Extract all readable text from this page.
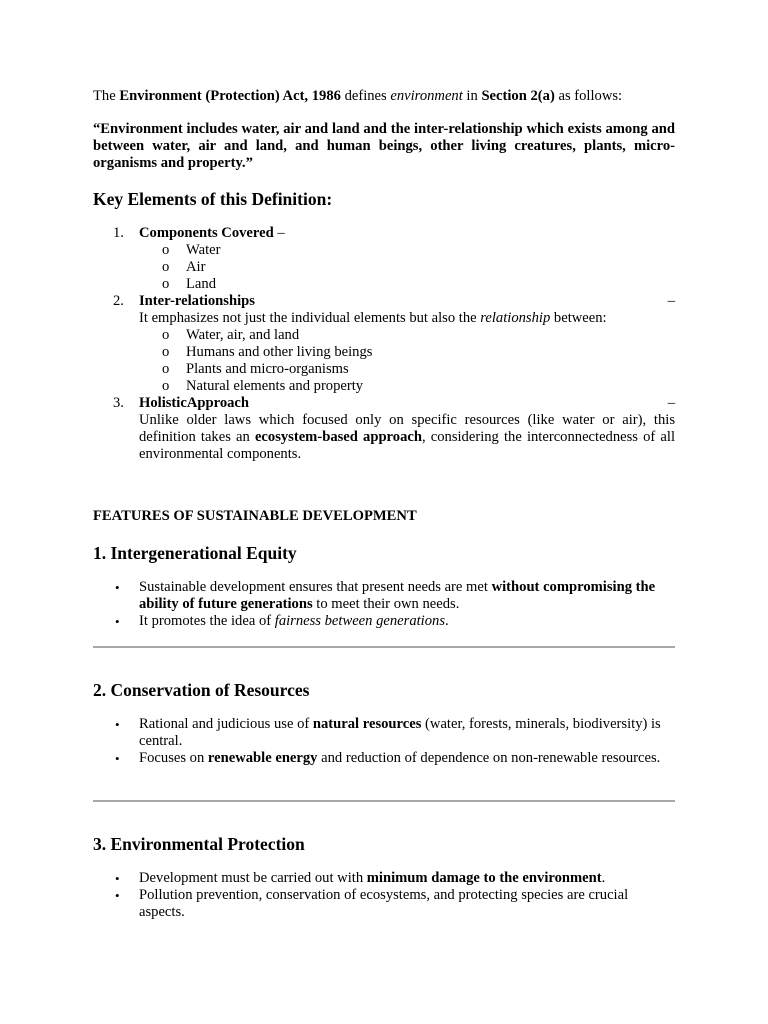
The Environment (Protection) Act, 1986 defines environment in Section 2(a) as follows:

“Environment includes water, air and land and the inter-relationship which exists among and between water, air and land, and human beings, other living creatures, plants, micro-organisms and property.”

Key Elements of this Definition:
1. Components Covered –
o Water
o Air
o Land
2. Inter-relationships	–
It emphasizes not just the individual elements but also the relationship between:
o Water, air, and land
o Humans and other living beings
o Plants and micro-organisms
o Natural elements and property
3. HolisticApproach	–
Unlike older laws which focused only on specific resources (like water or air), this definition takes an ecosystem-based approach, considering the interconnectedness of all environmental components.
FEATURES OF SUSTAINABLE DEVELOPMENT
1. Intergenerational Equity
• Sustainable development ensures that present needs are met without compromising the ability of future generations to meet their own needs.
• It promotes the idea of fairness between generations.
2. Conservation of Resources
• Rational and judicious use of natural resources (water, forests, minerals, biodiversity) is central.
• Focuses on renewable energy and reduction of dependence on non-renewable resources.
3. Environmental Protection
• Development must be carried out with minimum damage to the environment.
• Pollution prevention, conservation of ecosystems, and protecting species are crucial aspects.
